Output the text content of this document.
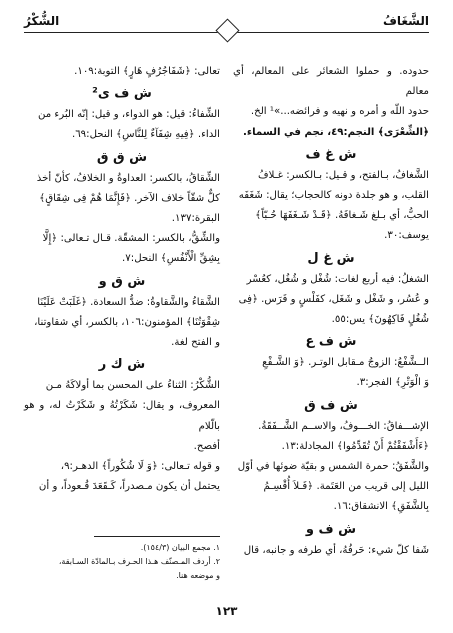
الشَّغَافُ
الشُّكْرُ

حدوده. و حملوا الشعائر على المعالم، أي معالم

حدود اللّه و أمره و نهيه و فرائضه...»¹ الخ.

﴿الشِّعْرَى﴾ النجم:٤٩، نجم في السماء.

ش غ ف

الشَّغافُ، بـالفتح، و قـيل: بـالكسر: غـلافُ

القلب، و هو جلدة دونه كالحجاب؛ يقال: شَغَفَه

الحبُّ، أي بـلغ شَـغافَهُ. ﴿قَـدْ شَـغَفَهَا حُـبّاً﴾

يوسف:٣٠.

ش غ ل

الشغلُ: فيه أربع لغات: شُغْل و شُغُل، كعُسْر

و عُسُر، و شَغْل و شَغَل، كفَلْسٍ و فَرَس. ﴿فِى

شُغُلٍ فَاكِهُونَ﴾ يس:٥٥.

ش ف ع

الــشَّفْعُ: الزوجُ مـقابل الوتـر. ﴿وَ الشَّـفْعِ

وَ الْوَتْرِ﴾ الفجر:٣.

ش ف ق

الإشـــفاقُ: الخـــوفُ، والاســم الشَّــفَقَةُ.

﴿ءَأَشْفَقْتُمْ أَنْ تُقَدِّمُوا﴾ المجادلة:١٣.

والشَّفَقُ: حمرة الشمس و بقيّة ضوئها في أوّل

الليل إلى قريب من العَتَمة. ﴿فَـلاَ أُقْسِـمُ

بِالشَّفَقِ﴾ الانشقاق:١٦.

ش ف و

شَفا كلّ شيء: حَرفُهُ، أي طرفه و جانبه، قال

تعالى: ﴿شَفَاجُرُفٍ هَارٍ﴾ التوبة:١٠٩.

ش ف ى²

الشِّفاءُ: قيل: هو الدواء، و قيل: إنّه البُرء من

الداء. ﴿فِيهِ شِفَآءٌ لِلنَّاسِ﴾ النحل:٦٩.

ش ق ق

الشِّقاقُ، بالكسر: العداوةُ و الخلافُ، كأنّ أخذ

كلٌّ شقّاً خلاف الآخر. ﴿فَإِنَّمَا هُمْ فِى شِقَاقٍ﴾

البقرة:١٣٧.

والشِّقُّ، بالكسر: المشقّة. قـال تـعالى: ﴿إِلَّا

بِشِقِّ الْأَنْفُسِ﴾ النحل:٧.

ش ق و

الشَّقاءُ والشَّقاوةُ: ضدُّ السعادة. ﴿غَلَبَتْ عَلَيْنَا

شِقْوَتُنَا﴾ المؤمنون:١٠٦، بالكسر، أي شقاوتنا،

و الفتح لغة.

ش ك ر

الشُّكْرُ: الثناءُ على المحسن بما أولاكَهُ مـن

المعروف، و يقال: شَكَرْتُهُ و شَكَرْتُ له، و هو بالّلام

أفصح.

و قوله تـعالى: ﴿وَ لَا شُكُوراً﴾ الدهـر:٩،

يحتمل أن يكون مـصدراً، كَـقَعَدَ قُـعوداً، و أن

١. مجمع البيان (١٥٤/٣).

٢. أردف المـصنّف هـذا الحـرف بـالمادّة السـابقة،

و موضعه هنا.

١٢٣
